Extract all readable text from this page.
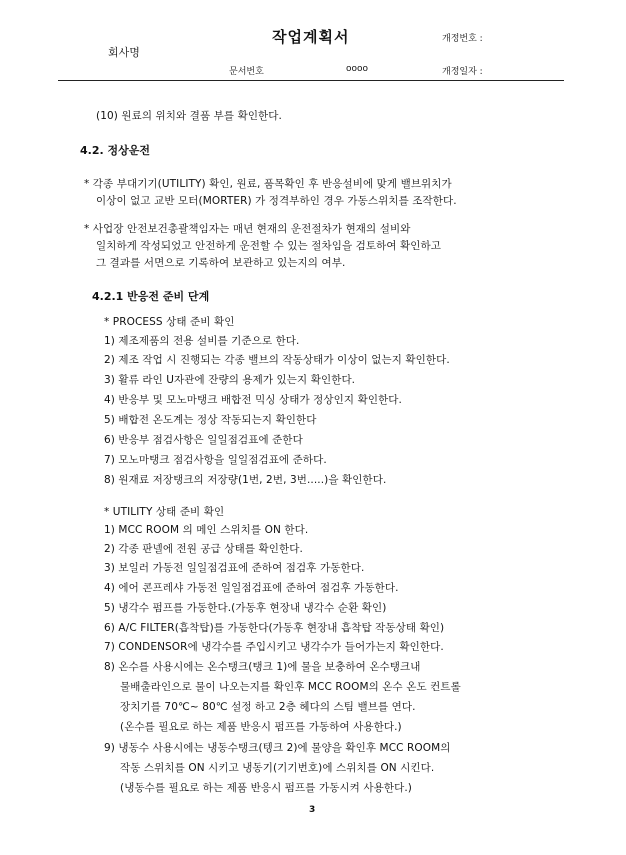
작업계획서	개정번호 :
회사명
문서번호	oooo	개정일자 :
(10) 원료의 위치와 결품 부를 확인한다.
4.2. 정상운전
* 각종 부대기기(UTILITY) 확인, 원료, 품목확인 후 반응설비에 맞게 밸브위치가
이상이 없고 교반 모터(MORTER) 가 정격부하인 경우 가동스위치를 조작한다.
* 사업장 안전보건총괄책임자는 매년 현재의 운전절차가 현재의 설비와
일치하게 작성되었고 안전하게 운전할 수 있는 절차임을 검토하여 확인하고
그 결과를 서면으로 기록하여 보관하고 있는지의 여부.
4.2.1 반응전 준비 단계
* PROCESS 상태 준비 확인
1) 제조제품의 전용 설비를 기준으로 한다.
2) 제조 작업 시 진행되는 각종 밸브의 작동상태가 이상이 없는지 확인한다.
3) 활류 라인 U자관에 잔량의 용제가 있는지 확인한다.
4) 반응부 및 모노마탱크 배합전 믹싱 상태가 정상인지 확인한다.
5) 배합전 온도계는 정상 작동되는지 확인한다
6) 반응부 점검사항은 일일점검표에 준한다
7) 모노마탱크 점검사항을 일일점검표에 준하다.
8) 원재료 저장탱크의 저장량(1번, 2번, 3번.....)을 확인한다.
* UTILITY 상태 준비 확인
1) MCC ROOM 의 메인 스위치를 ON 한다.
2) 각종 판넬에 전원 공급 상태를 확인한다.
3) 보일러 가동전 일일점검표에 준하여 점검후 가동한다.
4) 에어 콘프레샤 가동전 일일점검표에 준하여 점검후 가동한다.
5) 냉각수 펌프를 가동한다.(가동후 현장내 냉각수 순환 확인)
6) A/C FILTER(흡착탑)를 가동한다(가동후 현장내 흡착탑 작동상태 확인)
7) CONDENSOR에 냉각수를 주입시키고 냉각수가 들어가는지 확인한다.
8) 온수를 사용시에는 온수탱크(탱크 1)에 물을 보충하여 온수탱크내
물배출라인으로 물이 나오는지를 확인후 MCC ROOM의 온수 온도 컨트롤
장치기를 70℃~ 80℃ 설정 하고 2층 헤다의 스팀 밸브를 연다.
(온수를 필요로 하는 제품 반응시 펌프를 가동하여 사용한다.)
9) 냉동수 사용시에는 냉동수탱크(텡크 2)에 물양을 확인후 MCC ROOM의
작동 스위치를 ON 시키고 냉동기(기기번호)에 스위치를 ON 시킨다.
(냉동수를 필요로 하는 제품 반응시 펌프를 가동시켜 사용한다.)
3
